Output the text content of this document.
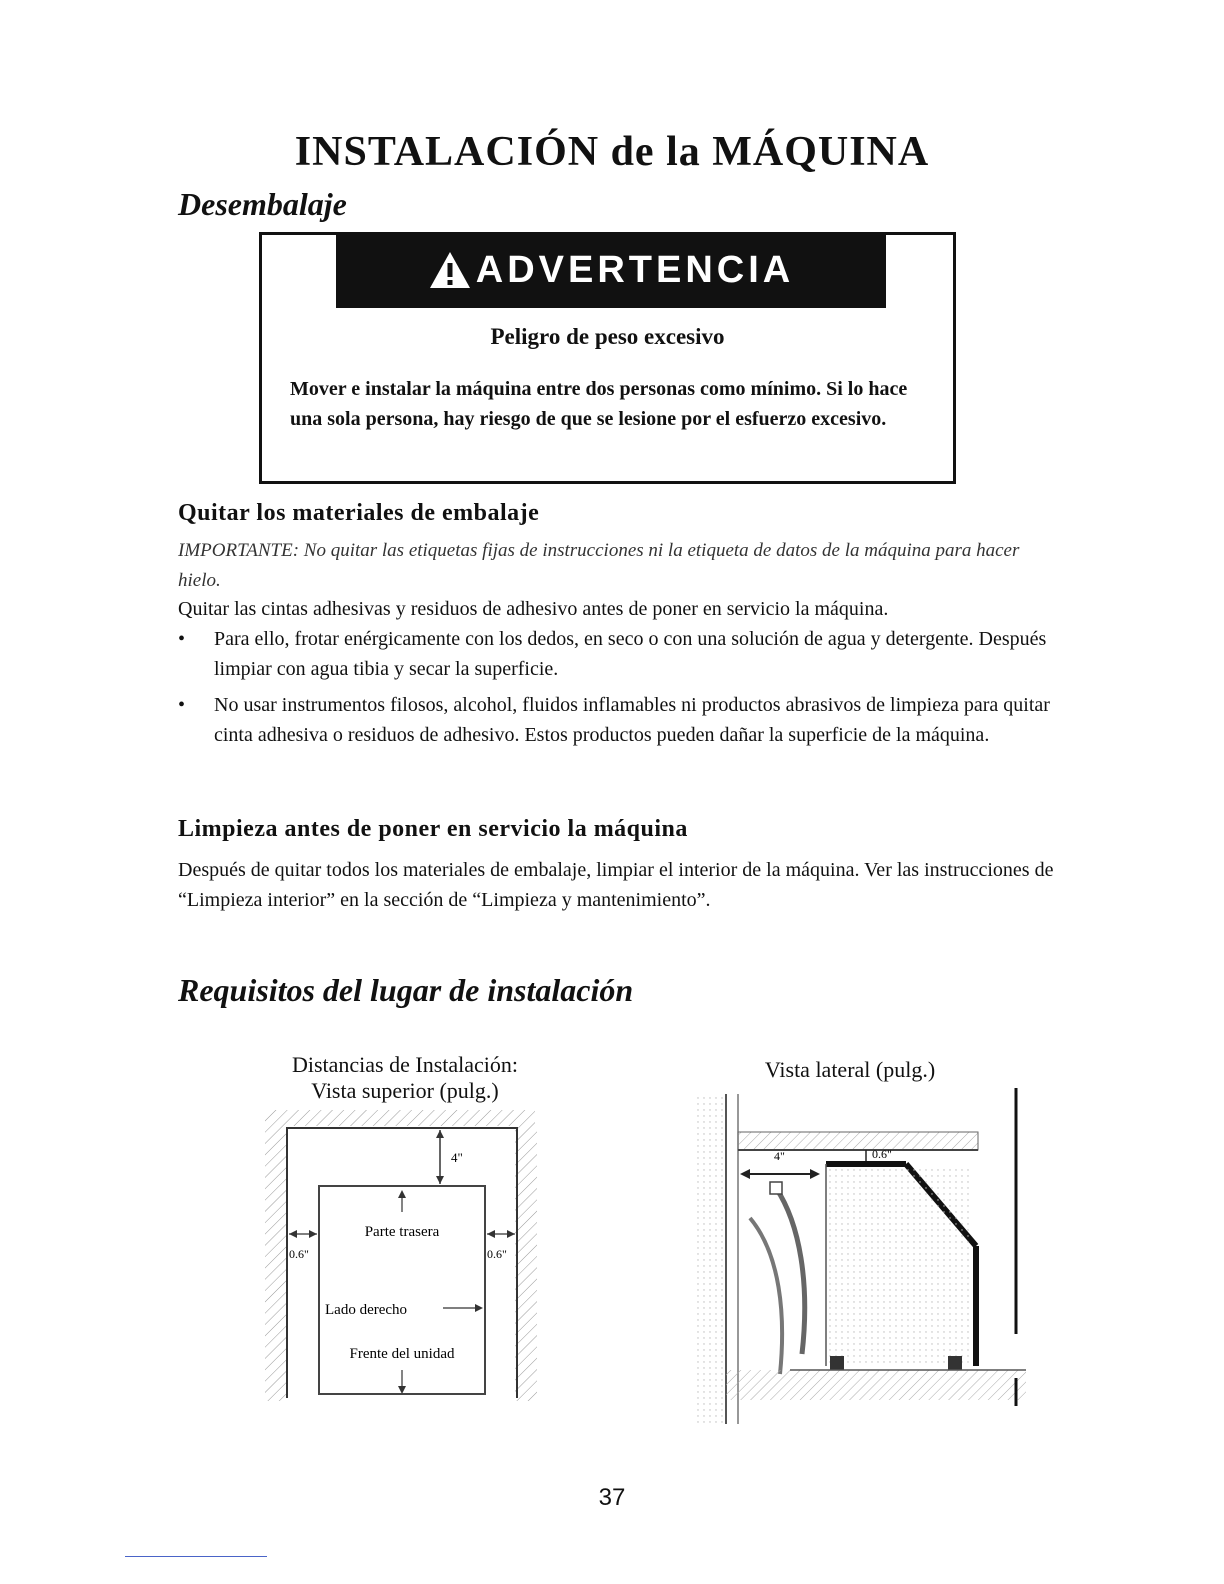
INSTALACIÓN de la MÁQUINA
Desembalaje
ADVERTENCIA
Peligro de peso excesivo
Mover e instalar la máquina entre dos personas como mínimo. Si lo hace una sola persona, hay riesgo de que se lesione por el esfuerzo excesivo.
Quitar los materiales de embalaje
IMPORTANTE: No quitar las etiquetas fijas de instrucciones ni la etiqueta de datos de la máquina para hacer hielo.
Quitar las cintas adhesivas y residuos de adhesivo antes de poner en servicio la máquina.
•	Para ello, frotar enérgicamente con los dedos, en seco o con una solución de agua y detergente. Después limpiar con agua tibia y secar la superficie.
•	No usar instrumentos filosos, alcohol, fluidos inflamables ni productos abrasivos de limpieza para quitar cinta adhesiva o residuos de adhesivo. Estos productos pueden dañar la superficie de la máquina.
Limpieza antes de poner en servicio la máquina
Después de quitar todos los materiales de embalaje, limpiar el interior de la máquina. Ver las instrucciones de “Limpieza interior” en la sección de “Limpieza y mantenimiento”.
Requisitos del lugar de instalación
Distancias de Instalación:
Vista superior (pulg.)
Vista lateral (pulg.)
4"
Parte trasera
0.6"	0.6"
Lado derecho
Frente del unidad
4"	0.6"
37
